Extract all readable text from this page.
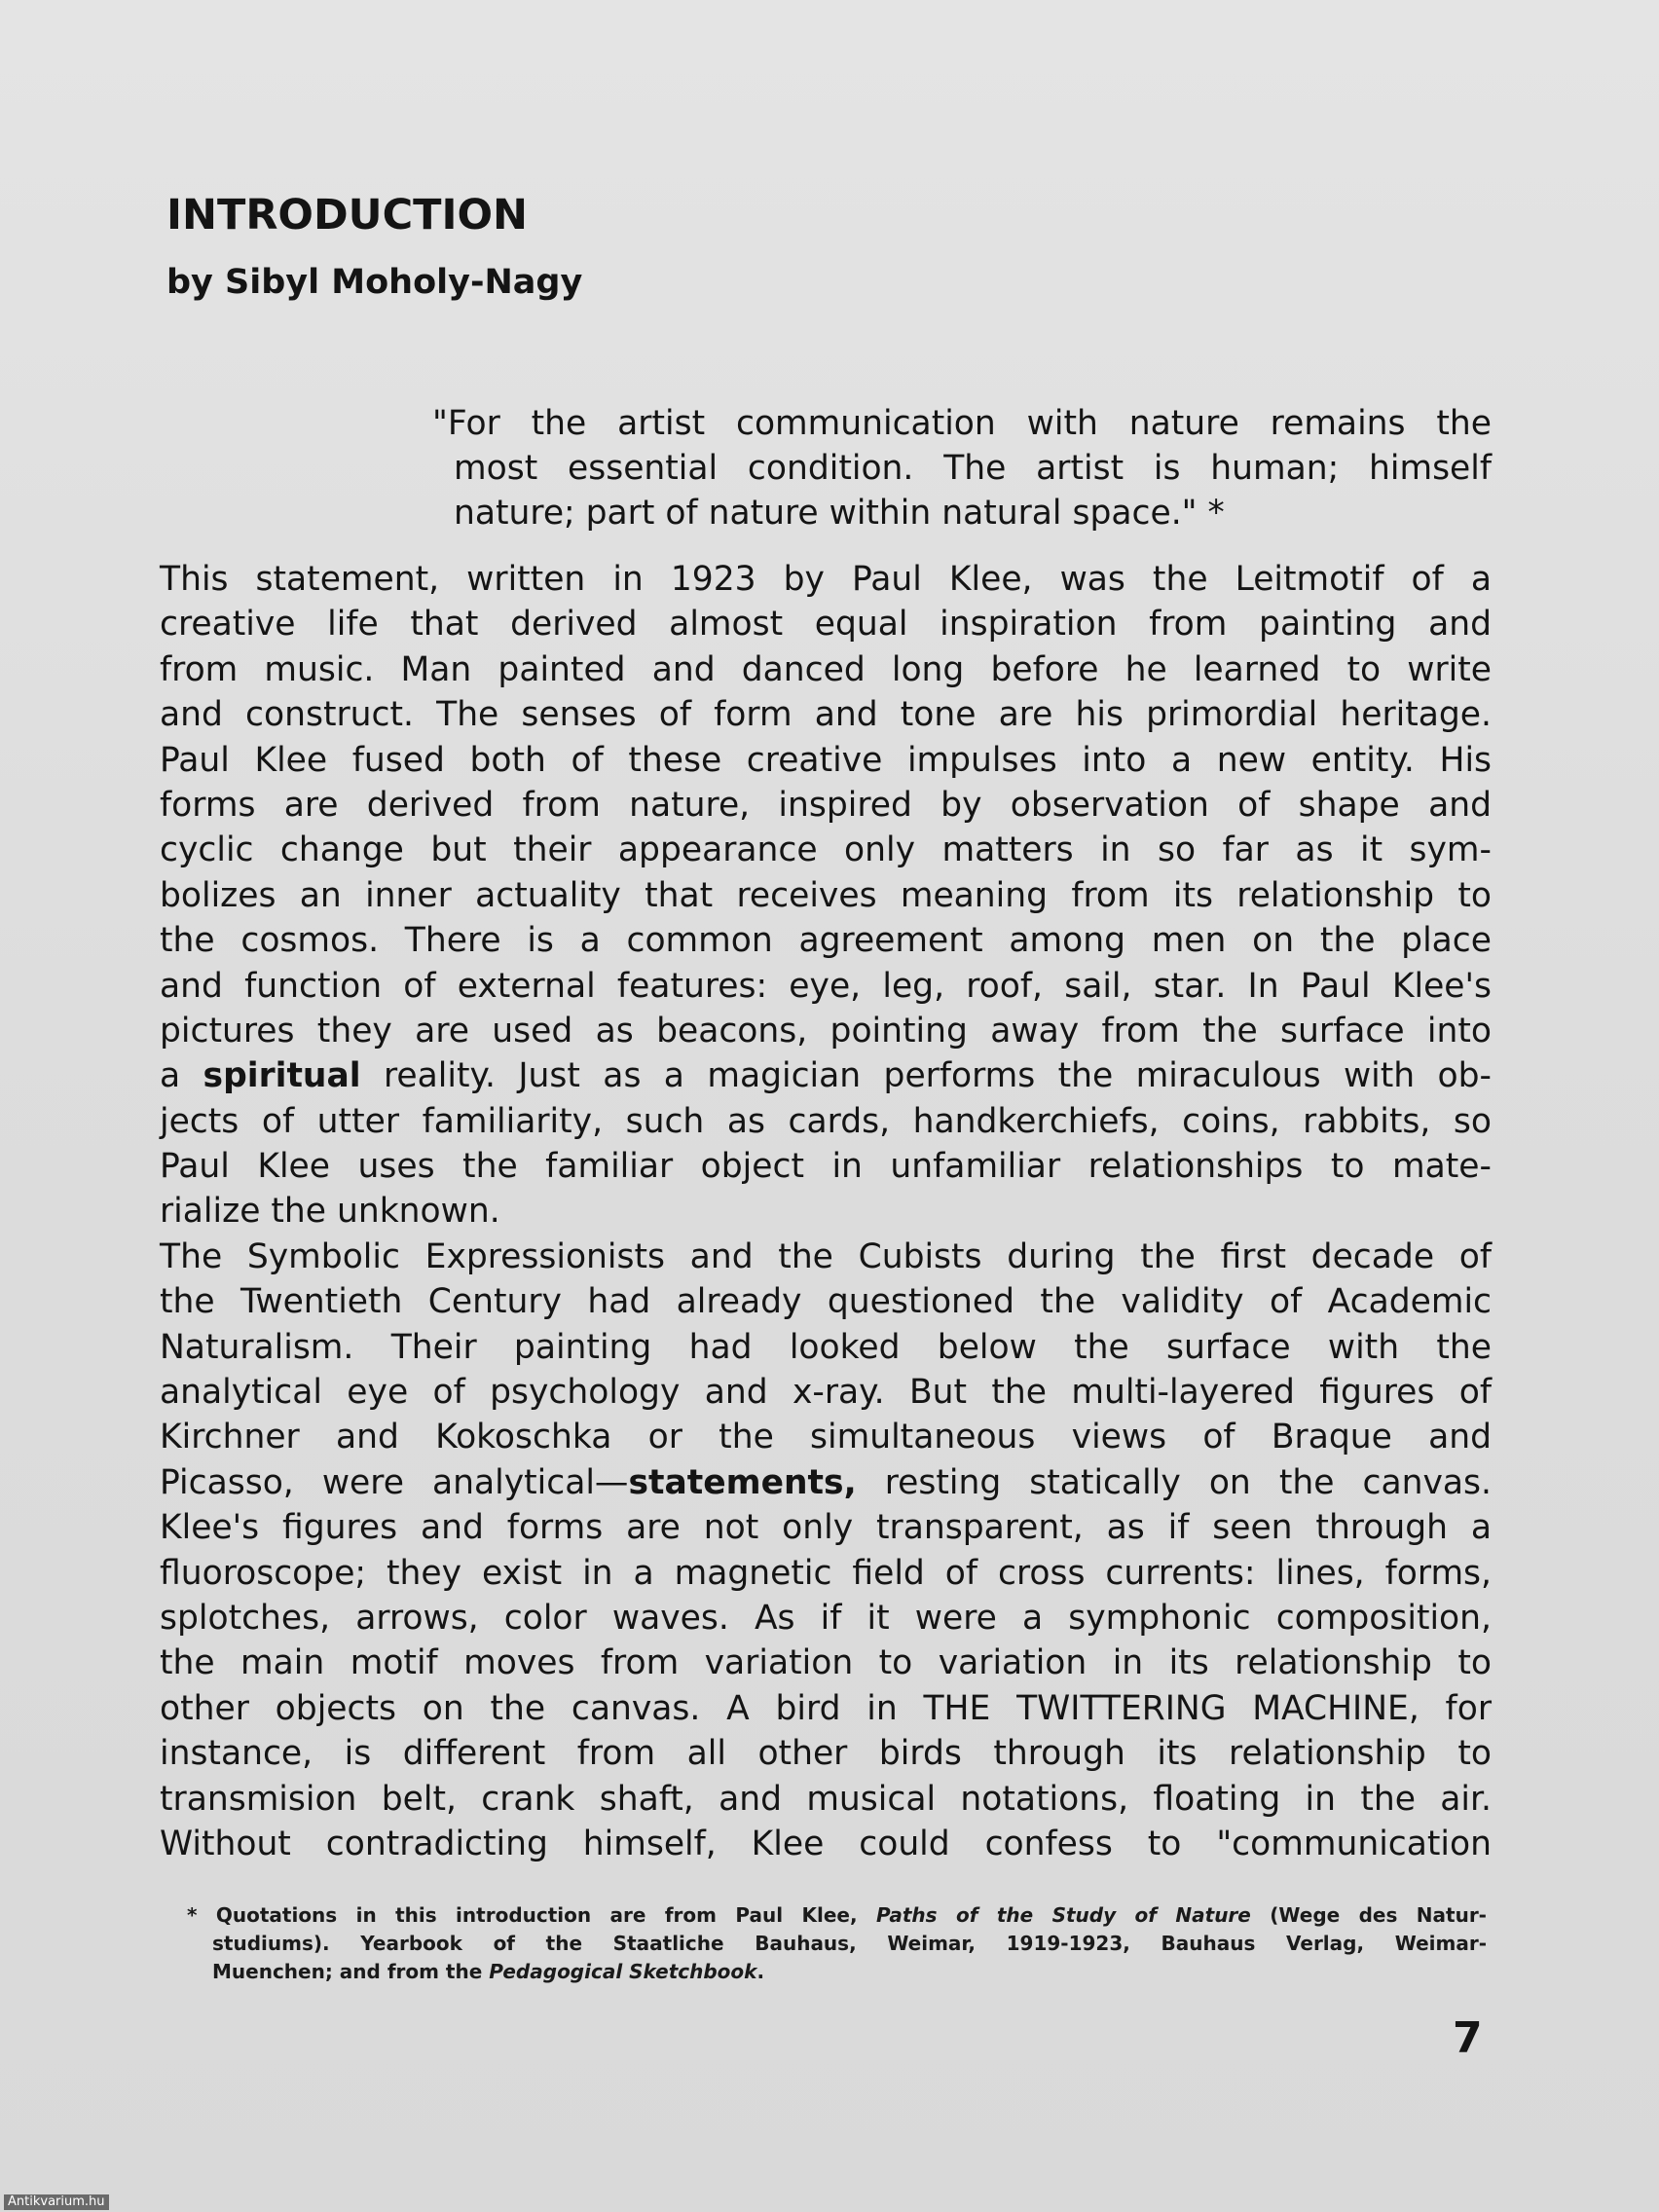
INTRODUCTION
by Sibyl Moholy-Nagy
"For the artist communication with nature remains the
most essential condition. The artist is human; himself
nature; part of nature within natural space." *
This statement, written in 1923 by Paul Klee, was the Leitmotif of a
creative life that derived almost equal inspiration from painting and
from music. Man painted and danced long before he learned to write
and construct. The senses of form and tone are his primordial heritage.
Paul Klee fused both of these creative impulses into a new entity. His
forms are derived from nature, inspired by observation of shape and
cyclic change but their appearance only matters in so far as it sym-
bolizes an inner actuality that receives meaning from its relationship to
the cosmos. There is a common agreement among men on the place
and function of external features: eye, leg, roof, sail, star. In Paul Klee's
pictures they are used as beacons, pointing away from the surface into
a spiritual reality. Just as a magician performs the miraculous with ob-
jects of utter familiarity, such as cards, handkerchiefs, coins, rabbits, so
Paul Klee uses the familiar object in unfamiliar relationships to mate-
rialize the unknown.
The Symbolic Expressionists and the Cubists during the first decade of
the Twentieth Century had already questioned the validity of Academic
Naturalism. Their painting had looked below the surface with the
analytical eye of psychology and x-ray. But the multi-layered figures of
Kirchner and Kokoschka or the simultaneous views of Braque and
Picasso, were analytical—statements, resting statically on the canvas.
Klee's figures and forms are not only transparent, as if seen through a
fluoroscope; they exist in a magnetic field of cross currents: lines, forms,
splotches, arrows, color waves. As if it were a symphonic composition,
the main motif moves from variation to variation in its relationship to
other objects on the canvas. A bird in THE TWITTERING MACHINE, for
instance, is different from all other birds through its relationship to
transmision belt, crank shaft, and musical notations, floating in the air.
Without contradicting himself, Klee could confess to "communication
* Quotations in this introduction are from Paul Klee, Paths of the Study of Nature (Wege des Natur-
studiums). Yearbook of the Staatliche Bauhaus, Weimar, 1919-1923, Bauhaus Verlag, Weimar-
Muenchen; and from the Pedagogical Sketchbook.
7
Antikvarium.hu
